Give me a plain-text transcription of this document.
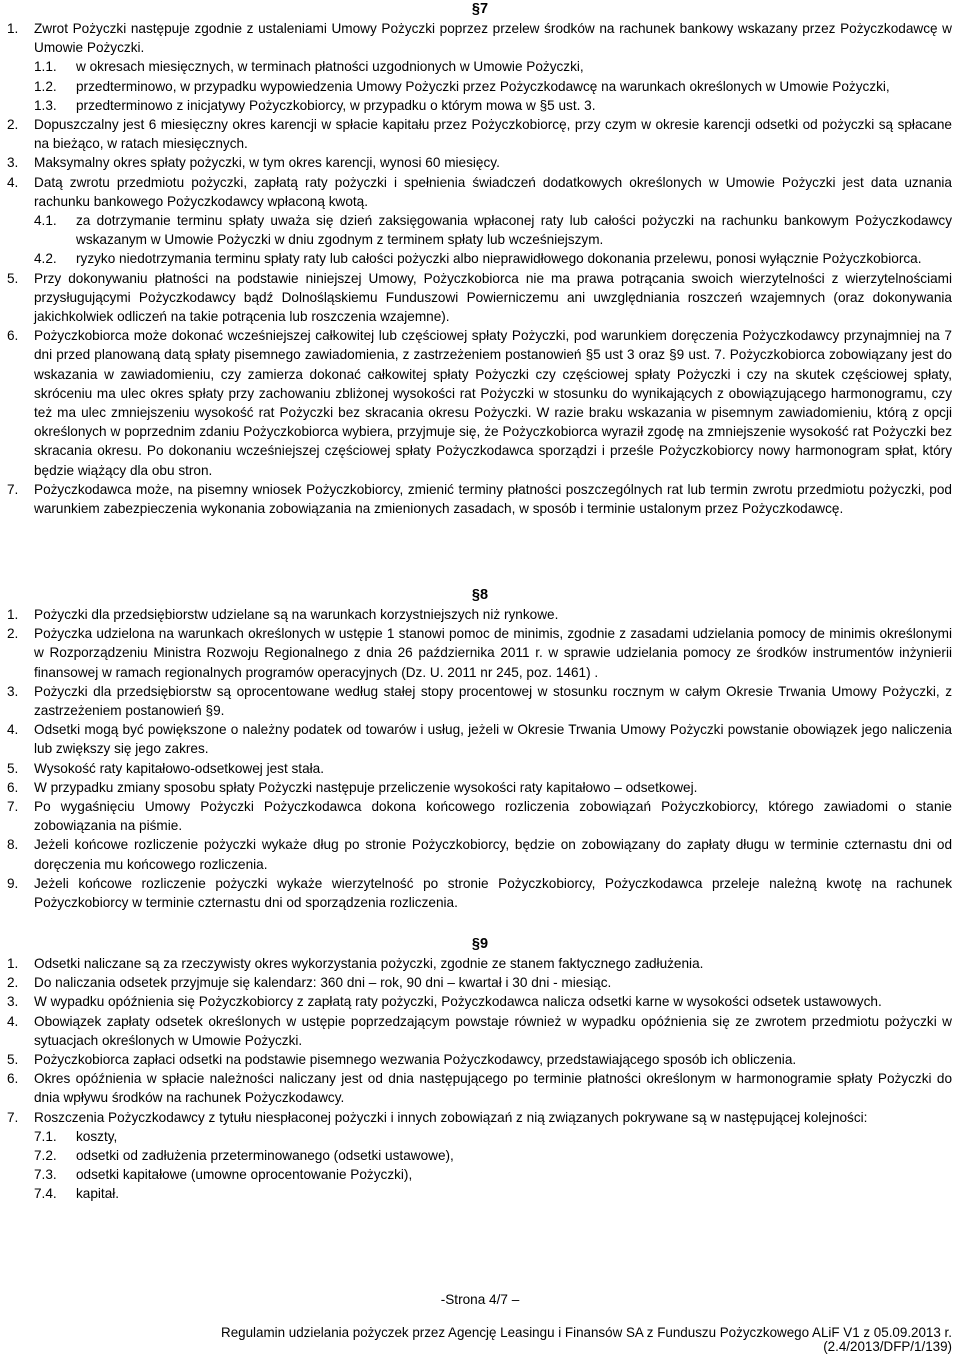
§7
1. Zwrot Pożyczki następuje zgodnie z ustaleniami Umowy Pożyczki poprzez przelew środków na rachunek bankowy wskazany przez Pożyczkodawcę w Umowie Pożyczki.
1.1. w okresach miesięcznych, w terminach płatności uzgodnionych w Umowie Pożyczki,
1.2. przedterminowo, w przypadku wypowiedzenia Umowy Pożyczki przez Pożyczkodawcę na warunkach określonych w Umowie Pożyczki,
1.3. przedterminowo z inicjatywy Pożyczkobiorcy, w przypadku o którym mowa w §5 ust. 3.
2. Dopuszczalny jest 6 miesięczny okres karencji w spłacie kapitału przez Pożyczkobiorcę, przy czym w okresie karencji odsetki od pożyczki są spłacane na bieżąco, w ratach miesięcznych.
3. Maksymalny okres spłaty pożyczki, w tym okres karencji, wynosi 60 miesięcy.
4. Datą zwrotu przedmiotu pożyczki, zapłatą raty pożyczki i spełnienia świadczeń dodatkowych określonych w Umowie Pożyczki jest data uznania rachunku bankowego Pożyczkodawcy wpłaconą kwotą.
4.1. za dotrzymanie terminu spłaty uważa się dzień zaksięgowania wpłaconej raty lub całości pożyczki na rachunku bankowym Pożyczkodawcy wskazanym w Umowie Pożyczki w dniu zgodnym z terminem spłaty lub wcześniejszym.
4.2. ryzyko niedotrzymania terminu spłaty raty lub całości pożyczki albo nieprawidłowego dokonania przelewu, ponosi wyłącznie Pożyczkobiorca.
5. Przy dokonywaniu płatności na podstawie niniejszej Umowy, Pożyczkobiorca nie ma prawa potrącania swoich wierzytelności z wierzytelnościami przysługującymi Pożyczkodawcy bądź Dolnośląskiemu Funduszowi Powierniczemu ani uwzględniania roszczeń wzajemnych (oraz dokonywania jakichkolwiek odliczeń na takie potrącenia lub roszczenia wzajemne).
6. Pożyczkobiorca może dokonać wcześniejszej całkowitej lub częściowej spłaty Pożyczki, pod warunkiem doręczenia Pożyczkodawcy przynajmniej na 7 dni przed planowaną datą spłaty pisemnego zawiadomienia, z zastrzeżeniem postanowień §5 ust 3 oraz §9 ust. 7. Pożyczkobiorca zobowiązany jest do wskazania w zawiadomieniu, czy zamierza dokonać całkowitej spłaty Pożyczki czy częściowej spłaty Pożyczki i czy na skutek częściowej spłaty, skróceniu ma ulec okres spłaty przy zachowaniu zbliżonej wysokości rat Pożyczki w stosunku do wynikających z obowiązującego harmonogramu, czy też ma ulec zmniejszeniu wysokość rat Pożyczki bez skracania okresu Pożyczki. W razie braku wskazania w pisemnym zawiadomieniu, którą z opcji określonych w poprzednim zdaniu Pożyczkobiorca wybiera, przyjmuje się, że Pożyczkobiorca wyraził zgodę na zmniejszenie wysokość rat Pożyczki bez skracania okresu. Po dokonaniu wcześniejszej częściowej spłaty Pożyczkodawca sporządzi i prześle Pożyczkobiorcy nowy harmonogram spłat, który będzie wiążący dla obu stron.
7. Pożyczkodawca może, na pisemny wniosek Pożyczkobiorcy, zmienić terminy płatności poszczególnych rat lub termin zwrotu przedmiotu pożyczki, pod warunkiem zabezpieczenia wykonania zobowiązania na zmienionych zasadach, w sposób i terminie ustalonym przez Pożyczkodawcę.
§8
1. Pożyczki dla przedsiębiorstw udzielane są na warunkach korzystniejszych niż rynkowe.
2. Pożyczka udzielona na warunkach określonych w ustępie 1 stanowi pomoc de minimis, zgodnie z zasadami udzielania pomocy de minimis określonymi w Rozporządzeniu Ministra Rozwoju Regionalnego z dnia 26 października 2011 r. w sprawie udzielania pomocy ze środków instrumentów inżynierii finansowej w ramach regionalnych programów operacyjnych (Dz. U. 2011 nr 245, poz. 1461) .
3. Pożyczki dla przedsiębiorstw są oprocentowane według stałej stopy procentowej w stosunku rocznym w całym Okresie Trwania Umowy Pożyczki, z zastrzeżeniem postanowień §9.
4. Odsetki mogą być powiększone o należny podatek od towarów i usług, jeżeli w Okresie Trwania Umowy Pożyczki powstanie obowiązek jego naliczenia lub zwiększy się jego zakres.
5. Wysokość raty kapitałowo-odsetkowej jest stała.
6. W przypadku zmiany sposobu spłaty Pożyczki następuje przeliczenie wysokości raty kapitałowo – odsetkowej.
7. Po wygaśnięciu Umowy Pożyczki Pożyczkodawca dokona końcowego rozliczenia zobowiązań Pożyczkobiorcy, którego zawiadomi o stanie zobowiązania na piśmie.
8. Jeżeli końcowe rozliczenie pożyczki wykaże dług po stronie Pożyczkobiorcy, będzie on zobowiązany do zapłaty długu w terminie czternastu dni od doręczenia mu końcowego rozliczenia.
9. Jeżeli końcowe rozliczenie pożyczki wykaże wierzytelność po stronie Pożyczkobiorcy, Pożyczkodawca przeleje należną kwotę na rachunek Pożyczkobiorcy w terminie czternastu dni od sporządzenia rozliczenia.
§9
1. Odsetki naliczane są za rzeczywisty okres wykorzystania pożyczki, zgodnie ze stanem faktycznego zadłużenia.
2. Do naliczania odsetek przyjmuje się kalendarz: 360 dni – rok, 90 dni – kwartał i 30 dni - miesiąc.
3. W wypadku opóźnienia się Pożyczkobiorcy z zapłatą raty pożyczki, Pożyczkodawca nalicza odsetki karne w wysokości odsetek ustawowych.
4. Obowiązek zapłaty odsetek określonych w ustępie poprzedzającym powstaje również w wypadku opóźnienia się ze zwrotem przedmiotu pożyczki w sytuacjach określonych w Umowie Pożyczki.
5. Pożyczkobiorca zapłaci odsetki na podstawie pisemnego wezwania Pożyczkodawcy, przedstawiającego sposób ich obliczenia.
6. Okres opóźnienia w spłacie należności naliczany jest od dnia następującego po terminie płatności określonym w harmonogramie spłaty Pożyczki do dnia wpływu środków na rachunek Pożyczkodawcy.
7. Roszczenia Pożyczkodawcy z tytułu niespłaconej pożyczki i innych zobowiązań z nią związanych pokrywane są w następującej kolejności:
7.1. koszty,
7.2. odsetki od zadłużenia przeterminowanego (odsetki ustawowe),
7.3. odsetki kapitałowe (umowne oprocentowanie Pożyczki),
7.4. kapitał.
-Strona 4/7 –
Regulamin udzielania pożyczek przez Agencję Leasingu i Finansów SA z Funduszu Pożyczkowego ALiF V1 z 05.09.2013 r.
(2.4/2013/DFP/1/139)
